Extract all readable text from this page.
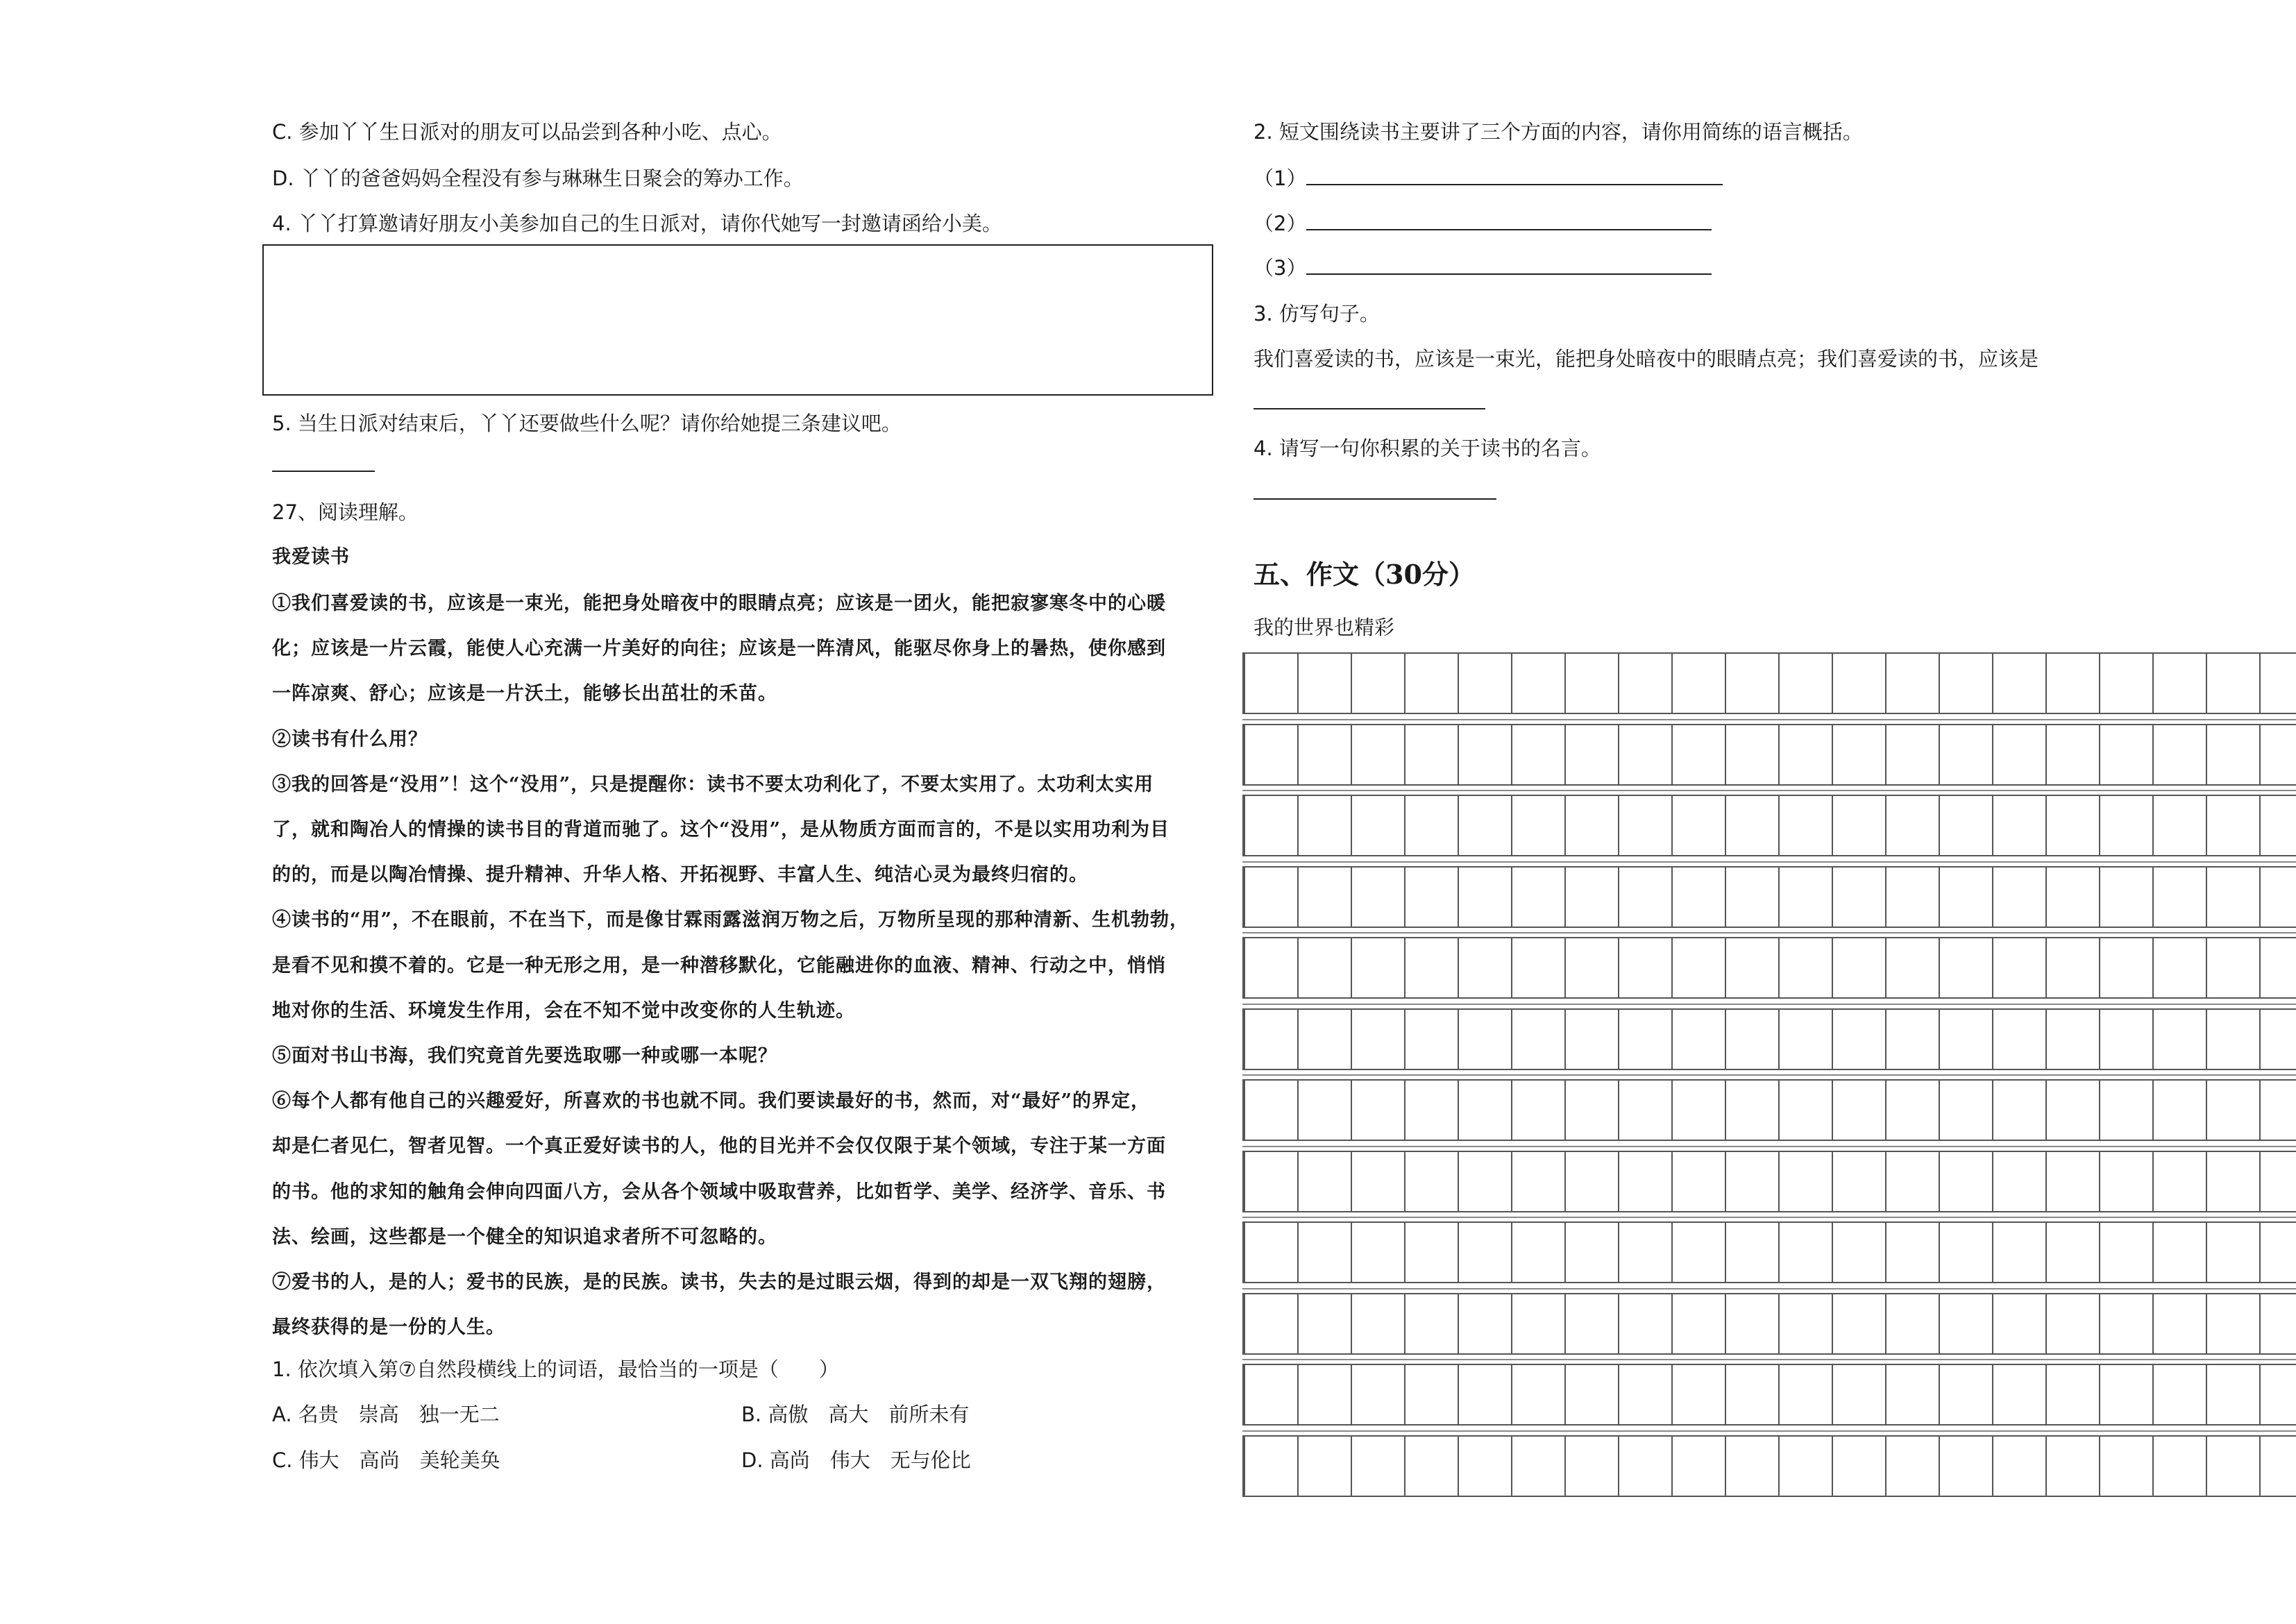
C. 参加丫丫生日派对的朋友可以品尝到各种小吃、点心。
D. 丫丫的爸爸妈妈全程没有参与琳琳生日聚会的筹办工作。
4. 丫丫打算邀请好朋友小美参加自己的生日派对，请你代她写一封邀请函给小美。
5. 当生日派对结束后，丫丫还要做些什么呢？请你给她提三条建议吧。
27、阅读理解。
我爱读书
①我们喜爱读的书，应该是一束光，能把身处暗夜中的眼睛点亮；应该是一团火，能把寂寥寒冬中的心暖
化；应该是一片云霞，能使人心充满一片美好的向往；应该是一阵清风，能驱尽你身上的暑热，使你感到
一阵凉爽、舒心；应该是一片沃土，能够长出茁壮的禾苗。
②读书有什么用？
③我的回答是“没用”！这个“没用”，只是提醒你：读书不要太功利化了，不要太实用了。太功利太实用
了，就和陶冶人的情操的读书目的背道而驰了。这个“没用”，是从物质方面而言的，不是以实用功利为目
的的，而是以陶冶情操、提升精神、升华人格、开拓视野、丰富人生、纯洁心灵为最终归宿的。
④读书的“用”，不在眼前，不在当下，而是像甘霖雨露滋润万物之后，万物所呈现的那种清新、生机勃勃，
是看不见和摸不着的。它是一种无形之用，是一种潜移默化，它能融进你的血液、精神、行动之中，悄悄
地对你的生活、环境发生作用，会在不知不觉中改变你的人生轨迹。
⑤面对书山书海，我们究竟首先要选取哪一种或哪一本呢？
⑥每个人都有他自己的兴趣爱好，所喜欢的书也就不同。我们要读最好的书，然而，对“最好”的界定，
却是仁者见仁，智者见智。一个真正爱好读书的人，他的目光并不会仅仅限于某个领域，专注于某一方面
的书。他的求知的触角会伸向四面八方，会从各个领域中吸取营养，比如哲学、美学、经济学、音乐、书
法、绘画，这些都是一个健全的知识追求者所不可忽略的。
⑦爱书的人，是的人；爱书的民族，是的民族。读书，失去的是过眼云烟，得到的却是一双飞翔的翅膀，
最终获得的是一份的人生。
1. 依次填入第⑦自然段横线上的词语，最恰当的一项是（　　）
A. 名贵　崇高　独一无二	B. 高傲　高大　前所未有
C. 伟大　高尚　美轮美奂	D. 高尚　伟大　无与伦比
2. 短文围绕读书主要讲了三个方面的内容，请你用简练的语言概括。
（1）
（2）
（3）
3. 仿写句子。
我们喜爱读的书，应该是一束光，能把身处暗夜中的眼睛点亮；我们喜爱读的书，应该是
4. 请写一句你积累的关于读书的名言。
五、作文（30分）
我的世界也精彩
